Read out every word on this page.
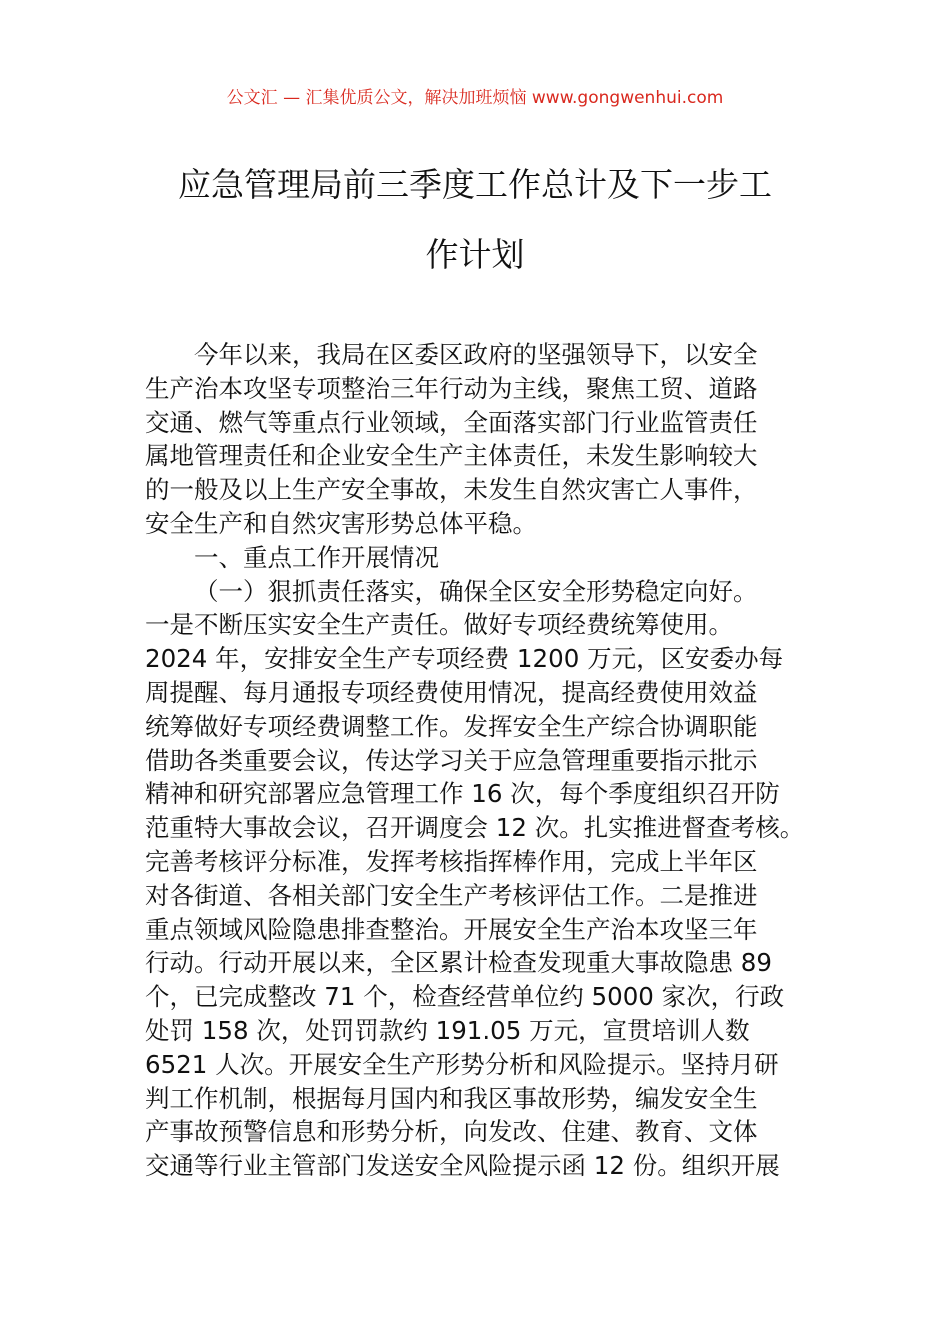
公文汇 — 汇集优质公文，解决加班烦恼 www.gongwenhui.com
应急管理局前三季度工作总计及下一步工
作计划
今年以来，我局在区委区政府的坚强领导下，以安全
生产治本攻坚专项整治三年行动为主线，聚焦工贸、道路
交通、燃气等重点行业领域，全面落实部门行业监管责任
属地管理责任和企业安全生产主体责任，未发生影响较大
的一般及以上生产安全事故，未发生自然灾害亡人事件，
安全生产和自然灾害形势总体平稳。
一、重点工作开展情况
（一）狠抓责任落实，确保全区安全形势稳定向好。
一是不断压实安全生产责任。做好专项经费统筹使用。
2024 年，安排安全生产专项经费 1200 万元，区安委办每
周提醒、每月通报专项经费使用情况，提高经费使用效益
统筹做好专项经费调整工作。发挥安全生产综合协调职能
借助各类重要会议，传达学习关于应急管理重要指示批示
精神和研究部署应急管理工作 16 次，每个季度组织召开防
范重特大事故会议，召开调度会 12 次。扎实推进督查考核。
完善考核评分标准，发挥考核指挥棒作用，完成上半年区
对各街道、各相关部门安全生产考核评估工作。二是推进
重点领域风险隐患排查整治。开展安全生产治本攻坚三年
行动。行动开展以来，全区累计检查发现重大事故隐患 89
个，已完成整改 71 个，检查经营单位约 5000 家次，行政
处罚 158 次，处罚罚款约 191.05 万元，宣贯培训人数
6521 人次。开展安全生产形势分析和风险提示。坚持月研
判工作机制，根据每月国内和我区事故形势，编发安全生
产事故预警信息和形势分析，向发改、住建、教育、文体
交通等行业主管部门发送安全风险提示函 12 份。组织开展
